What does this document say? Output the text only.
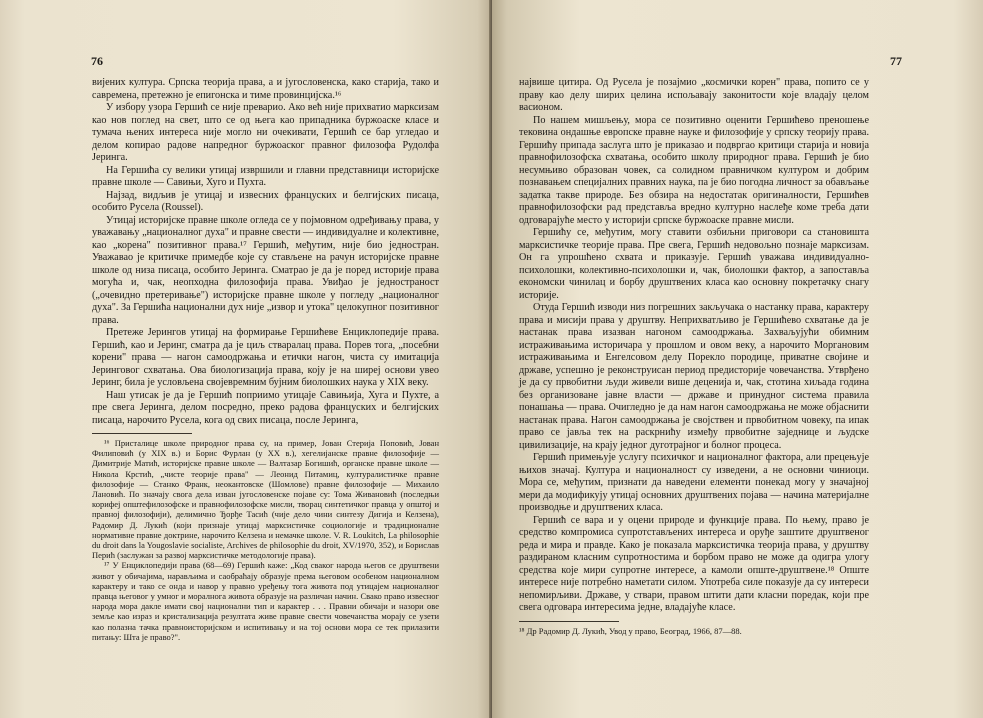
76

вијених култура. Српска теорија права, а и југословенска, како старија, тако и савремена, претежно је епигонска и тиме провинцијска.¹⁶

У избору узора Гершић се није преварио. Ако већ није прихватио марксизам као нов поглед на свет, што се од њега као припадника буржоаске класе и тумача њених интереса није могло ни очекивати, Гершић се бар угледао и делом копирао радове напредног буржоаског правног филозофа Рудолфа Јеринга.

На Гершића су велики утицај извршили и главни представници историјске правне школе — Савињи, Хуго и Пухта.

Најзад, видљив је утицај и извесних француских и белгијских писаца, особито Русела (Roussel).

Утицај историјске правне школе огледа се у појмовном одређивању права, у уважавању „националног духа" и правне свести — индивидуалне и колективне, као „корена" позитивног права.¹⁷ Гершић, међутим, није био једностран. Уважавао је критичке примедбе које су стављене на рачун историјске правне школе од низа писаца, особито Јеринга. Сматрао је да је поред историје права могућа и, чак, неопходна филозофија права. Увиђао је једностраност („очевидно претеривање") историјске правне школе у погледу „националног духа". За Гершића национални дух није „извор и утока" целокупног позитивног права.

Претеже Јерингов утицај на формирање Гершићеве Енциклопедије права. Гершић, као и Јеринг, сматра да је циљ стваралац права. Порев тога, „посебни корени" права — нагон самоодржања и етички нагон, чиста су имитација Јеринговог схватања. Ова биологизација права, коју је на ширеј основи увео Јеринг, била је условљена својевремним бујним биолошких наука у XIX веку.

Наш утисак је да је Гершић поприимо утицаје Савињија, Хуга и Пухте, а пре свега Јеринга, делом посредно, преко радова француских и белгијских писаца, нарочито Русела, кога од свих писаца, после Јеринга,

¹⁶ Присталице школе природног права су, на пример, Јован Стерија Поповић, Јован Филиповић (у XIX в.) и Борис Фурлан (у XX в.), хегелијанске правне филозофије — Димитрије Матић, историјске правне школе — Валтазар Богишић, органске правне школе — Никола Крстић, „чисте теорије права" — Леонид Питамиц, културалистичке правне филозофије — Станко Франк, неокантовске (Шомлове) правне филозофије — Михаило Лановић. По значају свога дела изван југословенске појаве су: Тома Живановић (последњи корифеј општефилозофске и правнофилозофске мисли, творац синтетичког правца у општој и правној филозофији), делимично Ђорђе Тасић (чије дело чини синтезу Дигија и Келзена), Радомир Д. Лукић (који признаје утицај марксистичке социологије и традиционалне нормативне правне доктрине, нарочито Келзена и немачке школе. V. R. Loukitch, La philosophie du droit dans la Yougoslavie socialiste, Archives de philosophie du droit, XV/1970, 352), и Борислав Перић (заслужан за развој марксистичке методологије права).

¹⁷ У Енциклопедији права (68—69) Гершић каже: „Код сваког народа његов се друштвени живот у обичајима, нарављима и саобраћају образује према његовом особеном националном карактеру и тако се онда и навор у правно уређењу тога живота под утицајем националног правца његовог у умног и моралнога живота образује на различан начин. Свако право извесног народа мора дакле имати свој национални тип и карактер . . . Правни обичаји и назори ове земље као израз и кристализација резултата живе правне свести човечанства морају се узети као полазна тачка правноисторијском и испитивању и на тој основи мора се тек прилазити питању: Шта је право?".

77

највише цитира. Од Русела је позајмио „космички корен" права, попито се у праву као делу ширих целина испољавају законитости које владају целом васионом.

По нашем мишљењу, мора се позитивно оценити Гершићево преношење тековина ондашње европске правне науке и филозофије у српску теорију права. Гершићу припада заслуга што је приказао и подвргао критици старија и новија правнофилозофска схватања, особито школу природног права. Гершић је био несумњиво образован човек, са солидном правничком културом и добрим познавањем специјалних правних наука, па је био погодна личност за обављање задатка такве природе. Без обзира на недостатак оригиналности, Гершићев правнофилозофски рад представља вредно културно наслеђе коме треба дати одговарајуће место у историји српске буржоаске правне мисли.

Гершићу се, међутим, могу ставити озбиљни приговори са становишта марксистичке теорије права. Пре свега, Гершић недовољно познаје марксизам. Он га упрошћено схвата и приказује. Гершић уважава индивидуално-психолошки, колективно-психолошки и, чак, биолошки фактор, а запоставља економски чинилац и борбу друштвених класа као основну покретачку снагу историје.

Отуда Гершић изводи низ погрешних закључака о настанку права, карактеру права и мисији права у друштву. Неприхватљиво је Гершићево схватање да је настанак права изазван нагоном самоодржања. Захваљујући обимним истраживањима историчара у прошлом и овом веку, а нарочито Моргановим истраживањима и Енгелсовом делу Порекло породице, приватне својине и државе, успешно је реконструисан период предисторије човечанства. Утврђено је да су првобитни људи живели више деценија и, чак, стотина хиљада година без организоване јавне власти — државе и принудног система правила понашања — права. Очигледно је да нам нагон самоодржања не може објаснити настанак права. Нагон самоодржања је својствен и првобитном човеку, па ипак право се јавља тек на раскрнићу између првобитне заједнице и људске цивилизације, на крају једног дуготрајног и болног процеса.

Гершић примењује услугу психичког и националног фактора, али прецењује њихов значај. Култура и националност су изведени, а не основни чиниоци. Мора се, међутим, признати да наведени елементи понекад могу у значајној мери да модификују утицај основних друштвених појава — начина материјалне производње и друштвених класа.

Гершић се вара и у оцени природе и функције права. По њему, право је средство компромиса супротстављених интереса и оруђе заштите друштвеног реда и мира и правде. Како је показала марксистичка теорија права, у друштву раздираном класним супротностима и борбом право не може да одигра улогу средства које мири супротне интересе, а камоли опште-друштвене.¹⁸ Опште интересе није потребно наметати силом. Употреба силе показује да су интереси непомирљиви. Државе, у ствари, правом штити дати класни поредак, који пре свега одговара интересима једне, владајуће класе.

¹⁸ Др Радомир Д. Лукић, Увод у право, Београд, 1966, 87—88.
